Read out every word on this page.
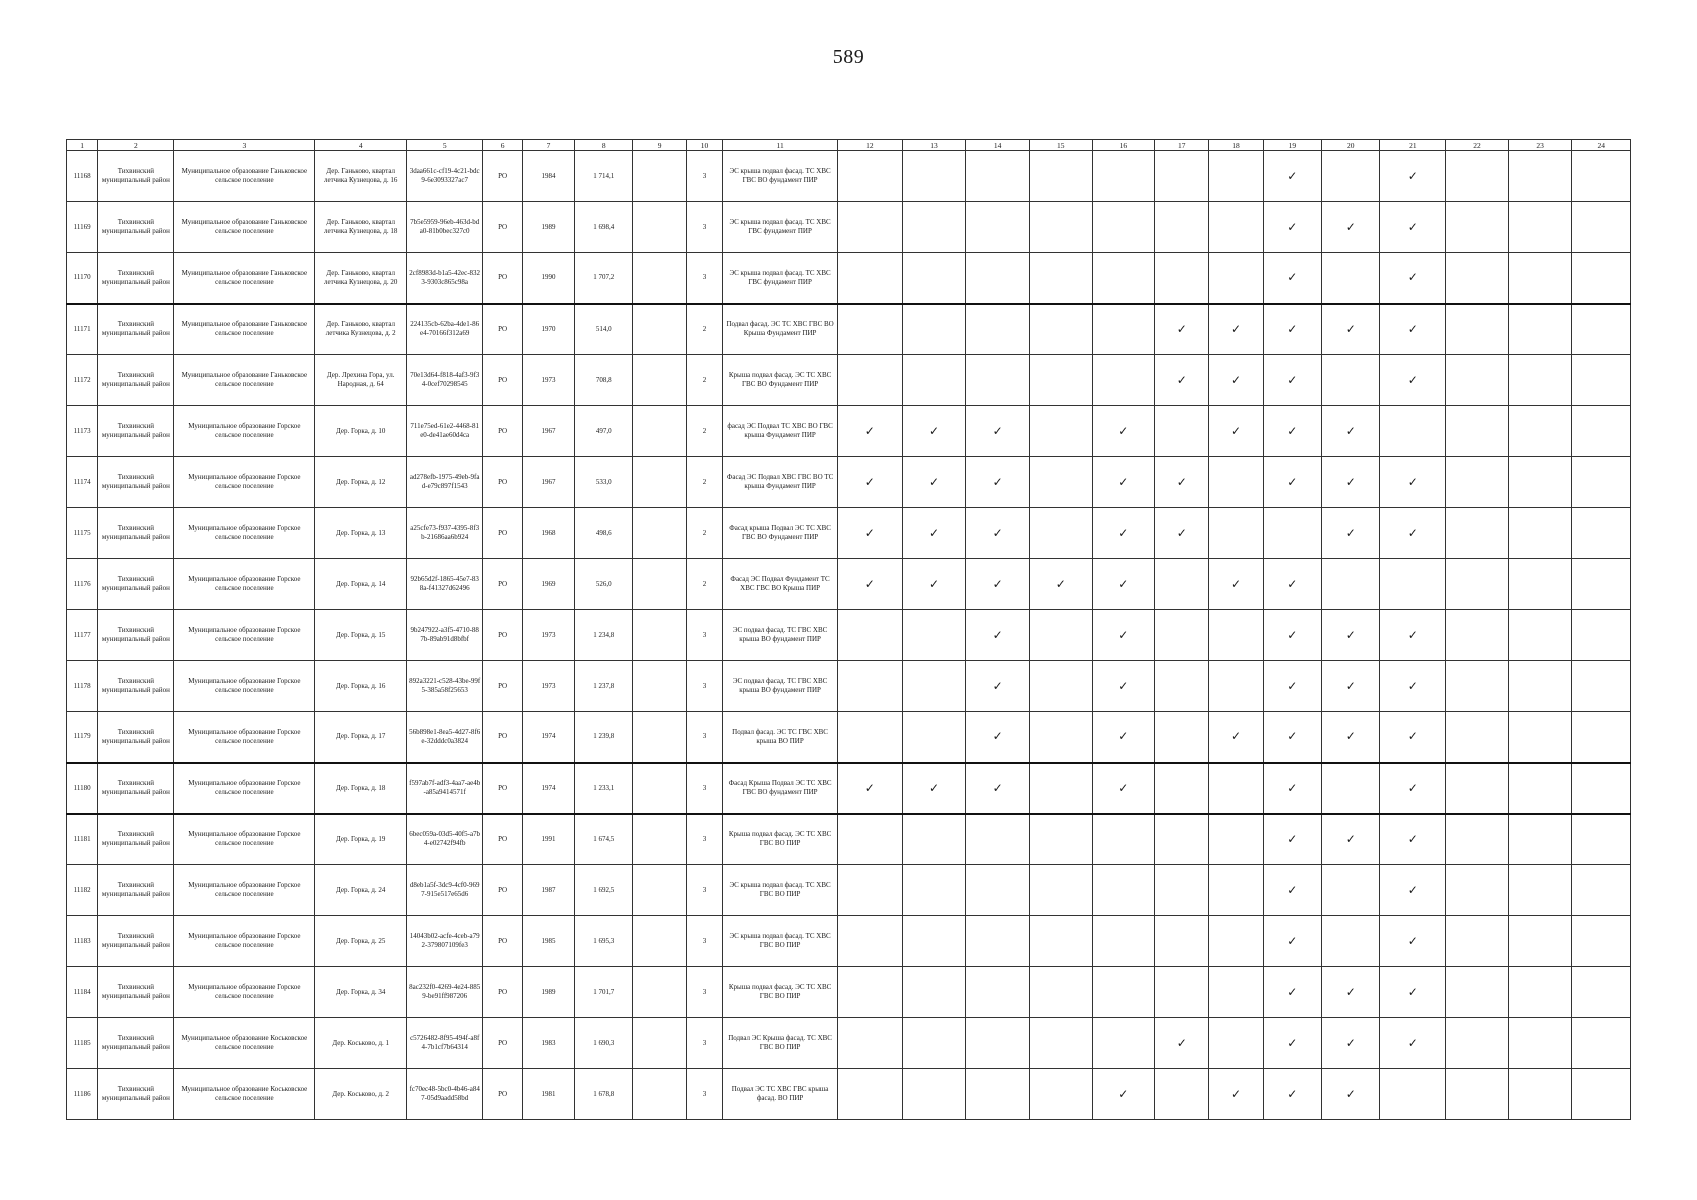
589
1	2	3	4	5	6	7	8	9	10	11	12	13	14	15	16	17	18	19	20	21	22	23	24
11168	Тихвинский муниципальный район	Муниципальное образование Ганьковское сельское поселение	Дер. Ганьково, квартал летчика Кузнецова, д. 16	3daa661c-cf19-4c21-bdc9-6e3093327ac7	РО	1984	1 714,1		3	ЭС крыша подвал фасад. ТС ХВС ГВС ВО фундамент ПИР								✓		✓			
11169	Тихвинский муниципальный район	Муниципальное образование Ганьковское сельское поселение	Дер. Ганьково, квартал летчика Кузнецова, д. 18	7b5e5959-96eb-463d-bda0-81b0bec327c0	РО	1989	1 698,4		3	ЭС крыша подвал фасад. ТС ХВС ГВС фундамент ПИР								✓	✓	✓			
11170	Тихвинский муниципальный район	Муниципальное образование Ганьковское сельское поселение	Дер. Ганьково, квартал летчика Кузнецова, д. 20	2cf8983d-b1a5-42ec-8323-9303c865c98a	РО	1990	1 707,2		3	ЭС крыша подвал фасад. ТС ХВС ГВС фундамент ПИР								✓		✓			
11171	Тихвинский муниципальный район	Муниципальное образование Ганьковское сельское поселение	Дер. Ганьково, квартал летчика Кузнецова, д. 2	224135cb-62ba-4de1-86e4-70166f312a69	РО	1970	514,0		2	Подвал фасад. ЭС ТС ХВС ГВС ВО Крыша Фундамент ПИР						✓	✓	✓	✓	✓			
11172	Тихвинский муниципальный район	Муниципальное образование Ганьковское сельское поселение	Дер. Лрехина Гора, ул. Народная, д. 64	70e13d64-f818-4af3-9f34-0cef70298545	РО	1973	708,8		2	Крыша подвал фасад. ЭС ТС ХВС ГВС ВО Фундамент ПИР						✓	✓	✓		✓			
11173	Тихвинский муниципальный район	Муниципальное образование Горское сельское поселение	Дер. Горка, д. 10	711e75ed-61e2-4468-81e0-de41ae60d4ca	РО	1967	497,0		2	фасад ЭС Подвал ТС ХВС ВО ГВС крыша Фундамент ПИР	✓	✓	✓		✓		✓	✓	✓				
11174	Тихвинский муниципальный район	Муниципальное образование Горское сельское поселение	Дер. Горка, д. 12	ad278efb-1975-49eb-9fad-e79c897f1543	РО	1967	533,0		2	Фасад ЭС Подвал ХВС ГВС ВО ТС крыша Фундамент ПИР	✓	✓	✓		✓	✓		✓	✓	✓			
11175	Тихвинский муниципальный район	Муниципальное образование Горское сельское поселение	Дер. Горка, д. 13	a25cfe73-f937-4395-8f3b-21686aa6b924	РО	1968	498,6		2	Фасад крыша Подвал ЭС ТС ХВС ГВС ВО Фундамент ПИР	✓	✓	✓		✓	✓			✓	✓			
11176	Тихвинский муниципальный район	Муниципальное образование Горское сельское поселение	Дер. Горка, д. 14	92b65d2f-1865-45e7-838a-f41327d62496	РО	1969	526,0		2	Фасад ЭС Подвал Фундамент ТС ХВС ГВС ВО Крыша ПИР	✓	✓	✓	✓	✓		✓	✓					
11177	Тихвинский муниципальный район	Муниципальное образование Горское сельское поселение	Дер. Горка, д. 15	9b247922-a3f5-4710-887b-89ab91d8bfbf	РО	1973	1 234,8		3	ЭС подвал фасад. ТС ГВС ХВС крыша ВО фундамент ПИР			✓		✓			✓	✓	✓			
11178	Тихвинский муниципальный район	Муниципальное образование Горское сельское поселение	Дер. Горка, д. 16	892a3221-c528-43be-99f5-385a58f25653	РО	1973	1 237,8		3	ЭС подвал фасад. ТС ГВС ХВС крыша ВО фундамент ПИР			✓		✓			✓	✓	✓			
11179	Тихвинский муниципальный район	Муниципальное образование Горское сельское поселение	Дер. Горка, д. 17	56b898e1-8ea5-4d27-8f6e-32dddc0a3824	РО	1974	1 239,8		3	Подвал фасад. ЭС ТС ГВС ХВС крыша ВО ПИР			✓		✓		✓	✓	✓	✓			
11180	Тихвинский муниципальный район	Муниципальное образование Горское сельское поселение	Дер. Горка, д. 18	f597ab7f-adf3-4aa7-ae4b-a85a9414571f	РО	1974	1 233,1		3	Фасад Крыша Подвал ЭС ТС ХВС ГВС ВО фундамент ПИР	✓	✓	✓		✓			✓		✓			
11181	Тихвинский муниципальный район	Муниципальное образование Горское сельское поселение	Дер. Горка, д. 19	6bec059a-03d5-40f5-a7b4-e02742f94fb	РО	1991	1 674,5		3	Крыша подвал фасад. ЭС ТС ХВС ГВС ВО ПИР								✓	✓	✓			
11182	Тихвинский муниципальный район	Муниципальное образование Горское сельское поселение	Дер. Горка, д. 24	d8eb1a5f-3dc9-4cf0-9697-915e517e65d6	РО	1987	1 692,5		3	ЭС крыша подвал фасад. ТС ХВС ГВС ВО ПИР								✓		✓			
11183	Тихвинский муниципальный район	Муниципальное образование Горское сельское поселение	Дер. Горка, д. 25	14043b02-acfe-4ceb-a792-379807109fe3	РО	1985	1 695,3		3	ЭС крыша подвал фасад. ТС ХВС ГВС ВО ПИР								✓		✓			
11184	Тихвинский муниципальный район	Муниципальное образование Горское сельское поселение	Дер. Горка, д. 34	8ac232f0-4269-4e24-8859-be91ff987206	РО	1989	1 701,7		3	Крыша подвал фасад. ЭС ТС ХВС ГВС ВО ПИР								✓	✓	✓			
11185	Тихвинский муниципальный район	Муниципальное образование Коськовское сельское поселение	Дер. Коськово, д. 1	c5726482-8f95-494f-a8f4-7b1cf7b64314	РО	1983	1 690,3		3	Подвал ЭС Крыша фасад. ТС ХВС ГВС ВО ПИР						✓		✓	✓	✓			
11186	Тихвинский муниципальный район	Муниципальное образование Коськовское сельское поселение	Дер. Коськово, д. 2	fc70ec48-5bc0-4b46-a847-05d9aadd58bd	РО	1981	1 678,8		3	Подвал ЭС ТС ХВС ГВС крыша фасад. ВО ПИР					✓		✓	✓	✓				
